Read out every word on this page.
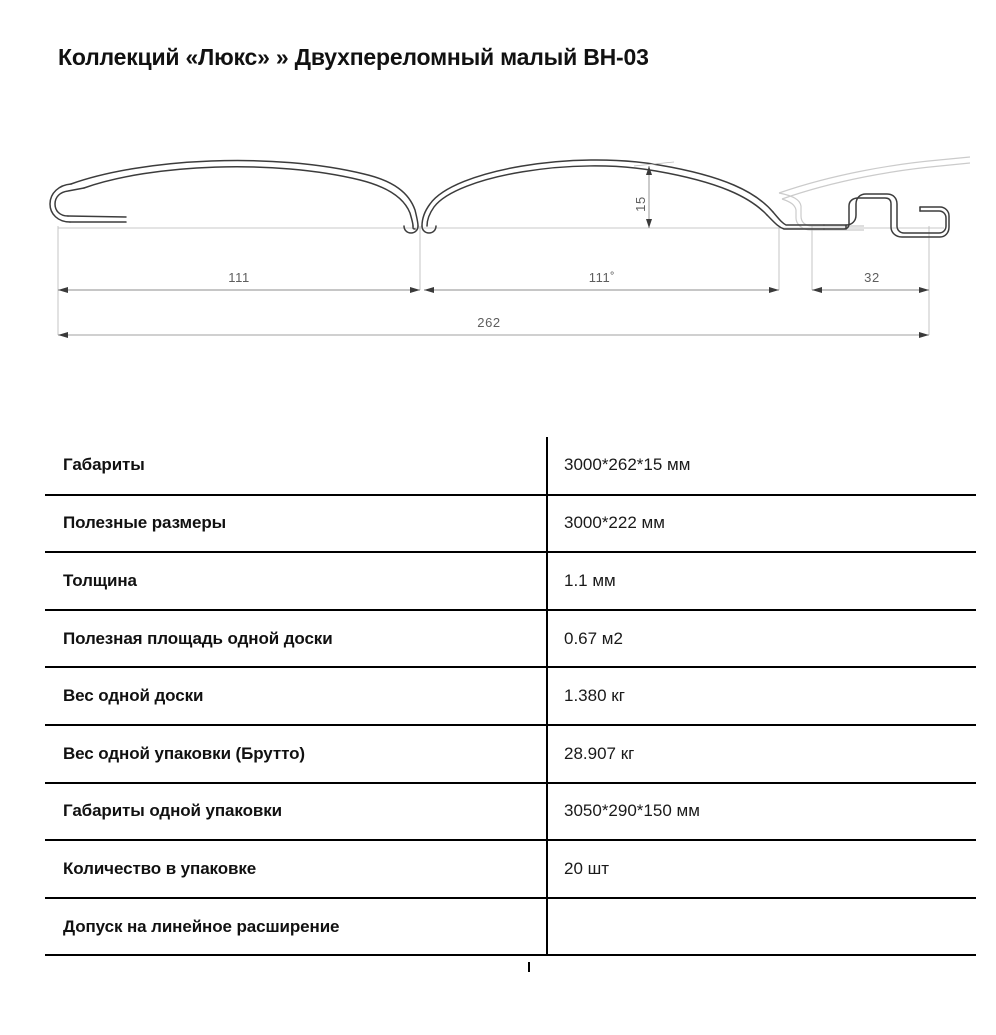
Коллекций «Люкс» » Двухпереломный малый ВН-03
15
111	111˚	32
262
Габариты	3000*262*15 мм
Полезные размеры	3000*222 мм
Толщина	1.1 мм
Полезная площадь одной доски	0.67 м2
Вес одной доски	1.380 кг
Вес одной упаковки (Брутто)	28.907 кг
Габариты одной упаковки	3050*290*150 мм
Количество в упаковке	20 шт
Допуск на линейное расширение	
